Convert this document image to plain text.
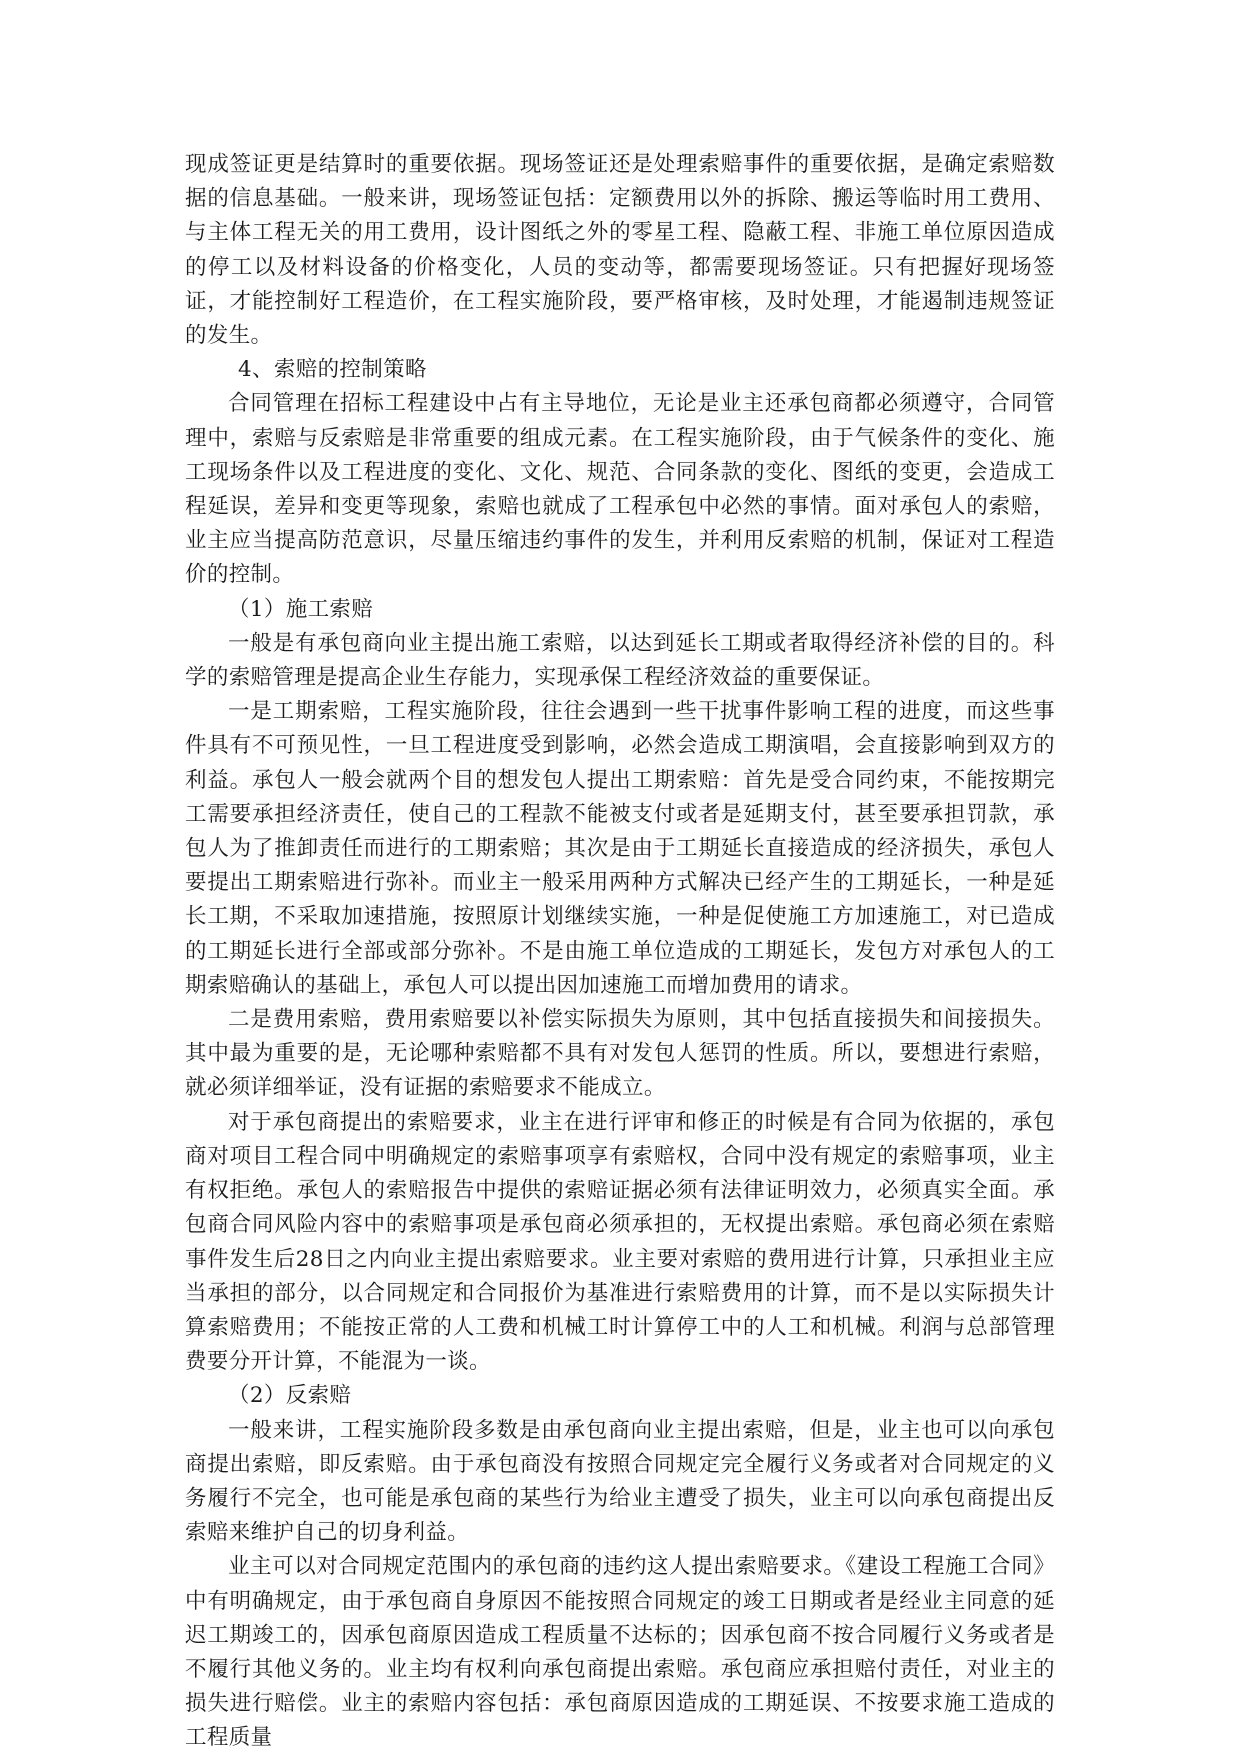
现成签证更是结算时的重要依据。现场签证还是处理索赔事件的重要依据，是确定索赔数据的信息基础。一般来讲，现场签证包括：定额费用以外的拆除、搬运等临时用工费用、与主体工程无关的用工费用，设计图纸之外的零星工程、隐蔽工程、非施工单位原因造成的停工以及材料设备的价格变化，人员的变动等，都需要现场签证。只有把握好现场签证，才能控制好工程造价，在工程实施阶段，要严格审核，及时处理，才能遏制违规签证的发生。

4、索赔的控制策略

合同管理在招标工程建设中占有主导地位，无论是业主还承包商都必须遵守，合同管理中，索赔与反索赔是非常重要的组成元素。在工程实施阶段，由于气候条件的变化、施工现场条件以及工程进度的变化、文化、规范、合同条款的变化、图纸的变更，会造成工程延误，差异和变更等现象，索赔也就成了工程承包中必然的事情。面对承包人的索赔，业主应当提高防范意识，尽量压缩违约事件的发生，并利用反索赔的机制，保证对工程造价的控制。

（1）施工索赔

一般是有承包商向业主提出施工索赔，以达到延长工期或者取得经济补偿的目的。科学的索赔管理是提高企业生存能力，实现承保工程经济效益的重要保证。

一是工期索赔，工程实施阶段，往往会遇到一些干扰事件影响工程的进度，而这些事件具有不可预见性，一旦工程进度受到影响，必然会造成工期演唱，会直接影响到双方的利益。承包人一般会就两个目的想发包人提出工期索赔：首先是受合同约束，不能按期完工需要承担经济责任，使自己的工程款不能被支付或者是延期支付，甚至要承担罚款，承包人为了推卸责任而进行的工期索赔；其次是由于工期延长直接造成的经济损失，承包人要提出工期索赔进行弥补。而业主一般采用两种方式解决已经产生的工期延长，一种是延长工期，不采取加速措施，按照原计划继续实施，一种是促使施工方加速施工，对已造成的工期延长进行全部或部分弥补。不是由施工单位造成的工期延长，发包方对承包人的工期索赔确认的基础上，承包人可以提出因加速施工而增加费用的请求。

二是费用索赔，费用索赔要以补偿实际损失为原则，其中包括直接损失和间接损失。其中最为重要的是，无论哪种索赔都不具有对发包人惩罚的性质。所以，要想进行索赔，就必须详细举证，没有证据的索赔要求不能成立。

对于承包商提出的索赔要求，业主在进行评审和修正的时候是有合同为依据的，承包商对项目工程合同中明确规定的索赔事项享有索赔权，合同中没有规定的索赔事项，业主有权拒绝。承包人的索赔报告中提供的索赔证据必须有法律证明效力，必须真实全面。承包商合同风险内容中的索赔事项是承包商必须承担的，无权提出索赔。承包商必须在索赔事件发生后28日之内向业主提出索赔要求。业主要对索赔的费用进行计算，只承担业主应当承担的部分，以合同规定和合同报价为基准进行索赔费用的计算，而不是以实际损失计算索赔费用；不能按正常的人工费和机械工时计算停工中的人工和机械。利润与总部管理费要分开计算，不能混为一谈。

（2）反索赔

一般来讲，工程实施阶段多数是由承包商向业主提出索赔，但是，业主也可以向承包商提出索赔，即反索赔。由于承包商没有按照合同规定完全履行义务或者对合同规定的义务履行不完全，也可能是承包商的某些行为给业主遭受了损失，业主可以向承包商提出反索赔来维护自己的切身利益。

业主可以对合同规定范围内的承包商的违约这人提出索赔要求。《建设工程施工合同》中有明确规定，由于承包商自身原因不能按照合同规定的竣工日期或者是经业主同意的延迟工期竣工的，因承包商原因造成工程质量不达标的；因承包商不按合同履行义务或者是不履行其他义务的。业主均有权利向承包商提出索赔。承包商应承担赔付责任，对业主的损失进行赔偿。业主的索赔内容包括：承包商原因造成的工期延误、不按要求施工造成的工程质量
